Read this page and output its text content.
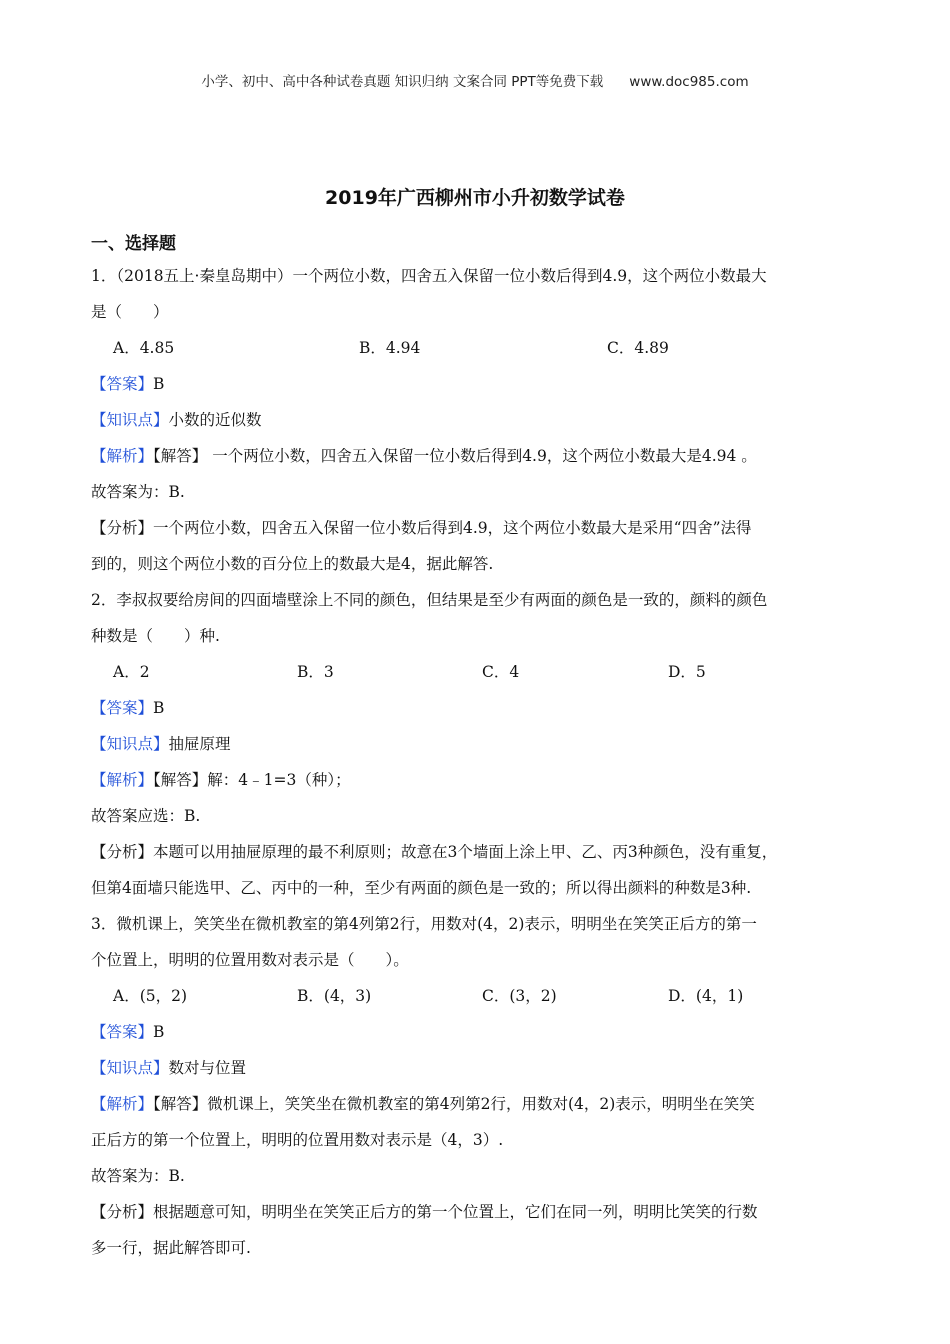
小学、初中、高中各种试卷真题 知识归纳 文案合同 PPT等免费下载 www.doc985.com
2019年广西柳州市小升初数学试卷
一、选择题
1．（2018五上·秦皇岛期中）一个两位小数，四舍五入保留一位小数后得到4.9，这个两位小数最大
是（　　）
A．4.85	B．4.94	C．4.89
【答案】B
【知识点】小数的近似数
【解析】【解答】 一个两位小数，四舍五入保留一位小数后得到4.9，这个两位小数最大是4.94 。
故答案为：B.
【分析】一个两位小数，四舍五入保留一位小数后得到4.9，这个两位小数最大是采用“四舍”法得
到的，则这个两位小数的百分位上的数最大是4，据此解答.
2．李叔叔要给房间的四面墙壁涂上不同的颜色，但结果是至少有两面的颜色是一致的，颜料的颜色
种数是（　　）种.
A．2	B．3	C．4	D．5
【答案】B
【知识点】抽屉原理
【解析】【解答】解：4﹣1=3（种）；
故答案应选：B.
【分析】本题可以用抽屉原理的最不利原则；故意在3个墙面上涂上甲、乙、丙3种颜色，没有重复，
但第4面墙只能选甲、乙、丙中的一种，至少有两面的颜色是一致的；所以得出颜料的种数是3种.
3．微机课上，笑笑坐在微机教室的第4列第2行，用数对(4，2)表示，明明坐在笑笑正后方的第一
个位置上，明明的位置用数对表示是（　　）。
A．(5，2)	B．(4，3)	C．(3，2)	D．(4，1)
【答案】B
【知识点】数对与位置
【解析】【解答】微机课上，笑笑坐在微机教室的第4列第2行，用数对(4，2)表示，明明坐在笑笑
正后方的第一个位置上，明明的位置用数对表示是（4，3）.
故答案为：B.
【分析】根据题意可知，明明坐在笑笑正后方的第一个位置上，它们在同一列，明明比笑笑的行数
多一行，据此解答即可.
